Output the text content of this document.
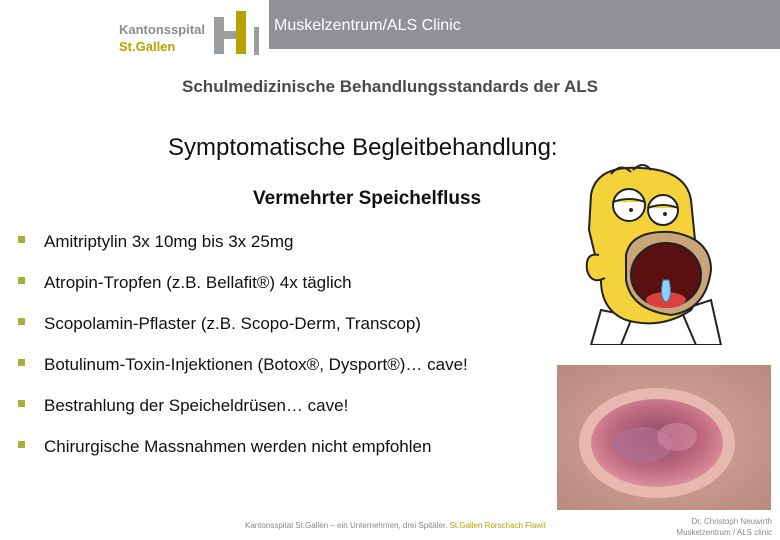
Kantonsspital
St.Gallen
Muskelzentrum/ALS Clinic
Schulmedizinische Behandlungsstandards der ALS
Symptomatische Begleitbehandlung:
Vermehrter Speichelfluss
Amitriptylin 3x 10mg bis 3x 25mg
Atropin-Tropfen (z.B. Bellafit®) 4x täglich
Scopolamin-Pflaster (z.B. Scopo-Derm, Transcop)
Botulinum-Toxin-Injektionen (Botox®, Dysport®)… cave!
Bestrahlung der Speicheldrüsen… cave!
Chirurgische Massnahmen werden nicht empfohlen
Kantonsspital St.Gallen – ein Unternehmen, drei Spitäler. St.Gallen Rorschach Flawil	Dr. Christoph Neuwirth
Muskelzentrum / ALS clinic
